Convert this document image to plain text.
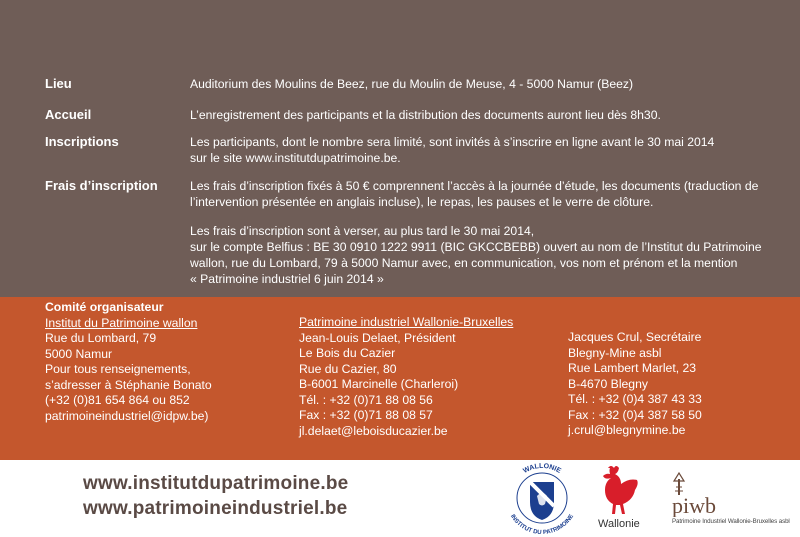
Lieu	Auditorium des Moulins de Beez, rue du Moulin de Meuse, 4 - 5000 Namur (Beez)

Accueil	L’enregistrement des participants et la distribution des documents auront lieu dès 8h30.

Inscriptions	Les participants, dont le nombre sera limité, sont invités à s’inscrire en ligne avant le 30 mai 2014

sur le site www.institutdupatrimoine.be.

Frais d’inscription	Les frais d’inscription fixés à 50 € comprennent l’accès à la journée d’étude, les documents (traduction de

l’intervention présentée en anglais incluse), le repas, les pauses et le verre de clôture.

Les frais d’inscription sont à verser, au plus tard le 30 mai 2014,

sur le compte Belfius : BE 30 0910 1222 9911 (BIC GKCCBEBB) ouvert au nom de l’Institut du Patrimoine

wallon, rue du Lombard, 79 à 5000 Namur avec, en communication, vos nom et prénom et la mention

« Patrimoine industriel 6 juin 2014 »

Comité organisateur
Institut du Patrimoine wallon
Rue du Lombard, 79
5000 Namur
Pour tous renseignements,
s’adresser à Stéphanie Bonato
(+32 (0)81 654 864 ou 852
patrimoineindustriel@idpw.be)
Patrimoine industriel Wallonie-Bruxelles
Jean-Louis Delaet, Président
Le Bois du Cazier
Rue du Cazier, 80
B-6001 Marcinelle (Charleroi)
Tél. : +32 (0)71 88 08 56
Fax : +32 (0)71 88 08 57
jl.delaet@leboisducazier.be
Jacques Crul, Secrétaire
Blegny-Mine asbl
Rue Lambert Marlet, 23
B-4670 Blegny
Tél. : +32 (0)4 387 43 33
Fax : +32 (0)4 387 58 50
j.crul@blegnymine.be
www.institutdupatrimoine.be
www.patrimoineindustriel.be
WALLONIE
INSTITUT DU PATRIMOINE
Wallonie
piwb
Patrimoine Industriel Wallonie-Bruxelles asbl
